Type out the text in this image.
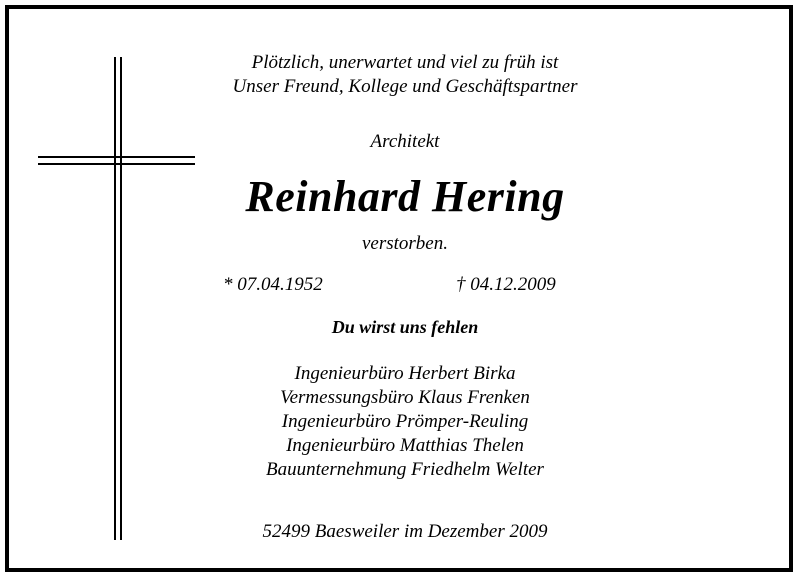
Plötzlich, unerwartet und viel zu früh ist
Unser Freund, Kollege und Geschäftspartner
Architekt
Reinhard Hering
verstorben.
* 07.04.1952	† 04.12.2009
Du wirst uns fehlen
Ingenieurbüro Herbert Birka
Vermessungsbüro Klaus Frenken
Ingenieurbüro Prömper-Reuling
Ingenieurbüro Matthias Thelen
Bauunternehmung Friedhelm Welter
52499 Baesweiler im Dezember 2009
